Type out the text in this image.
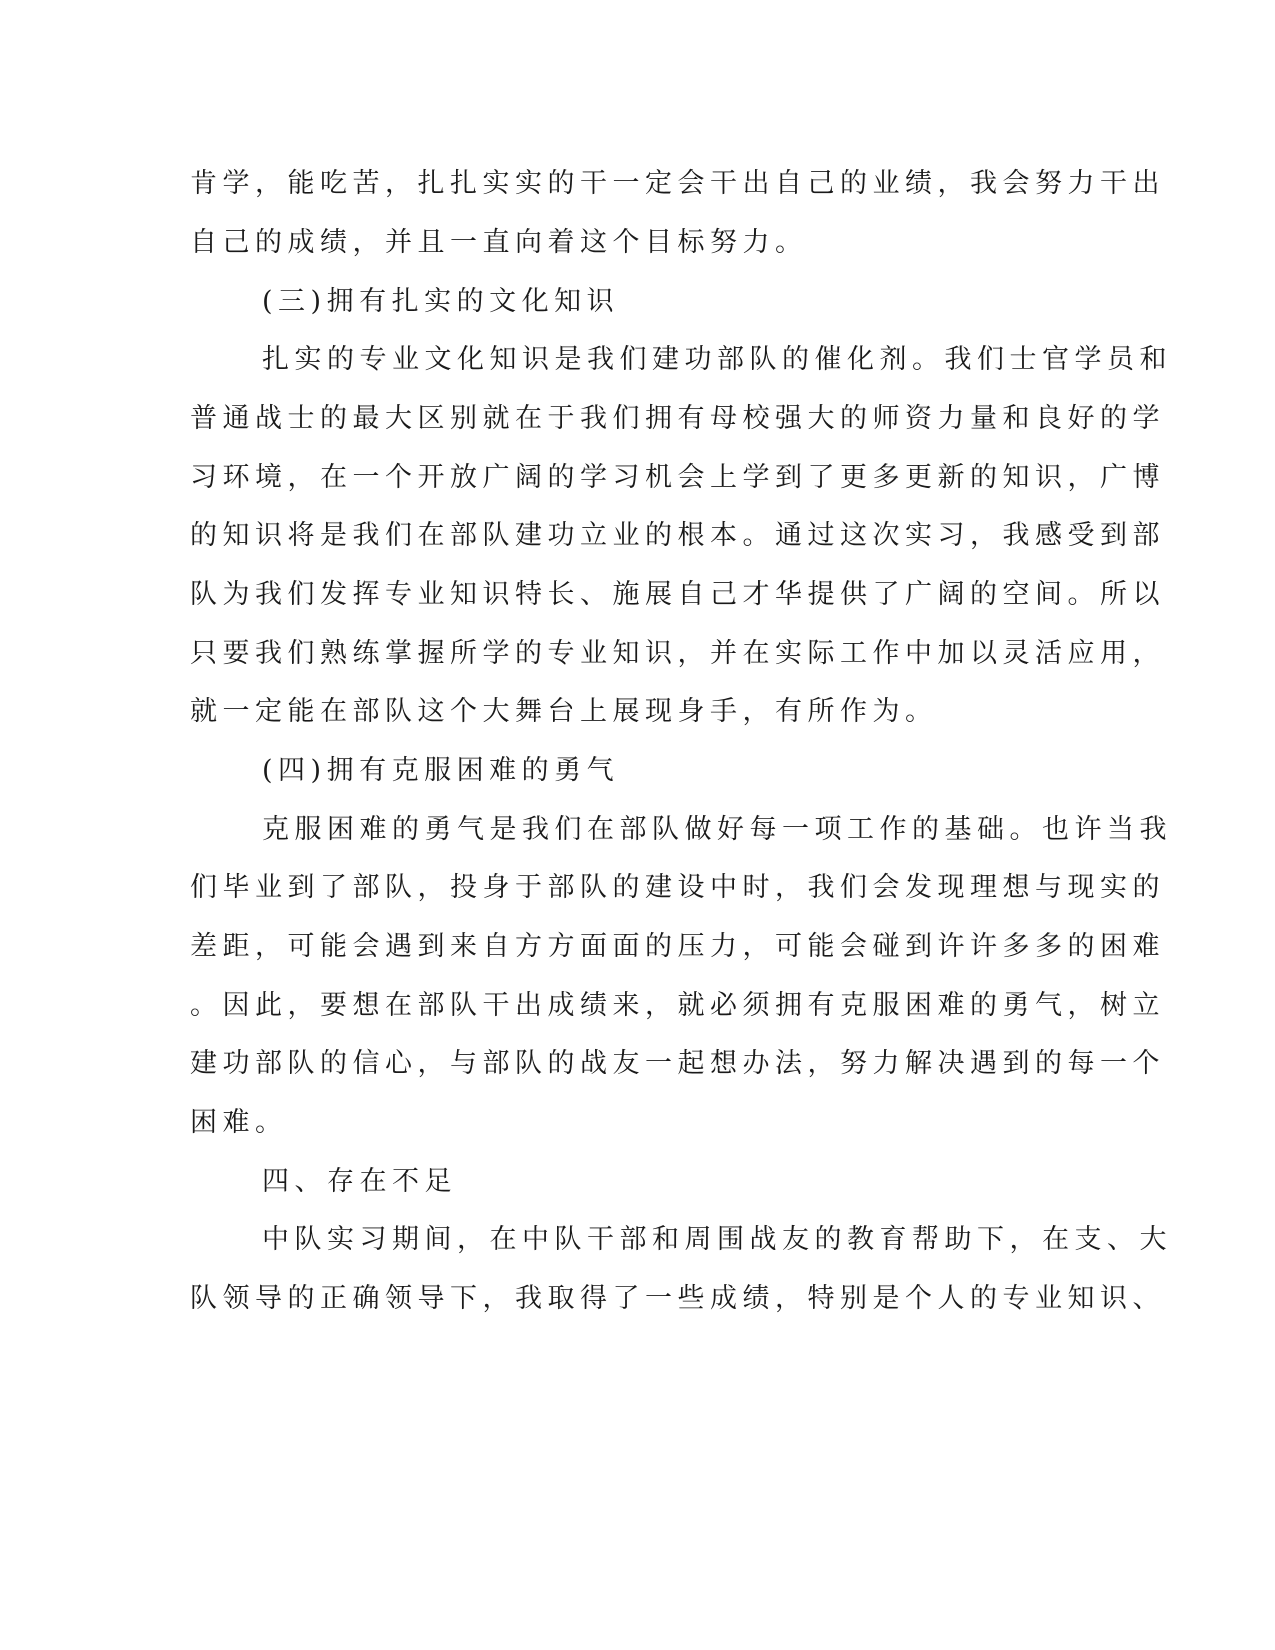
肯学，能吃苦，扎扎实实的干一定会干出自己的业绩，我会努力干出
自己的成绩，并且一直向着这个目标努力。
(三)拥有扎实的文化知识
扎实的专业文化知识是我们建功部队的催化剂。我们士官学员和
普通战士的最大区别就在于我们拥有母校强大的师资力量和良好的学
习环境，在一个开放广阔的学习机会上学到了更多更新的知识，广博
的知识将是我们在部队建功立业的根本。通过这次实习，我感受到部
队为我们发挥专业知识特长、施展自己才华提供了广阔的空间。所以
只要我们熟练掌握所学的专业知识，并在实际工作中加以灵活应用，
就一定能在部队这个大舞台上展现身手，有所作为。
(四)拥有克服困难的勇气
克服困难的勇气是我们在部队做好每一项工作的基础。也许当我
们毕业到了部队，投身于部队的建设中时，我们会发现理想与现实的
差距，可能会遇到来自方方面面的压力，可能会碰到许许多多的困难
。因此，要想在部队干出成绩来，就必须拥有克服困难的勇气，树立
建功部队的信心，与部队的战友一起想办法，努力解决遇到的每一个
困难。
四、存在不足
中队实习期间，在中队干部和周围战友的教育帮助下，在支、大
队领导的正确领导下，我取得了一些成绩，特别是个人的专业知识、
